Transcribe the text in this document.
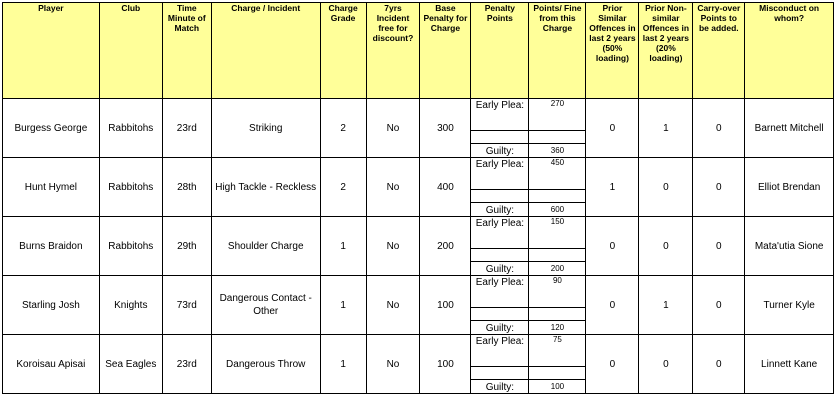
Player	Club	Time Minute of Match	Charge / Incident	Charge Grade	7yrs Incident free for discount?	Base Penalty for Charge	Penalty Points	Points/ Fine from this Charge	Prior Similar Offences in last 2 years (50% loading)	Prior Non-similar Offences in last 2 years (20% loading)	Carry-over Points to be added.	Misconduct on whom?
Burgess George	Rabbitohs	23rd	Striking	2	No	300	Early Plea:	270	0	1	0	Barnett Mitchell

							Guilty:	360				
Hunt Hymel	Rabbitohs	28th	High Tackle - Reckless	2	No	400	Early Plea:	450	1	0	0	Elliot Brendan

							Guilty:	600				
Burns Braidon	Rabbitohs	29th	Shoulder Charge	1	No	200	Early Plea:	150	0	0	0	Mata'utia Sione

							Guilty:	200				
Starling Josh	Knights	73rd	Dangerous Contact - Other	1	No	100	Early Plea:	90	0	1	0	Turner Kyle

							Guilty:	120				
Koroisau Apisai	Sea Eagles	23rd	Dangerous Throw	1	No	100	Early Plea:	75	0	0	0	Linnett Kane

							Guilty:	100				
